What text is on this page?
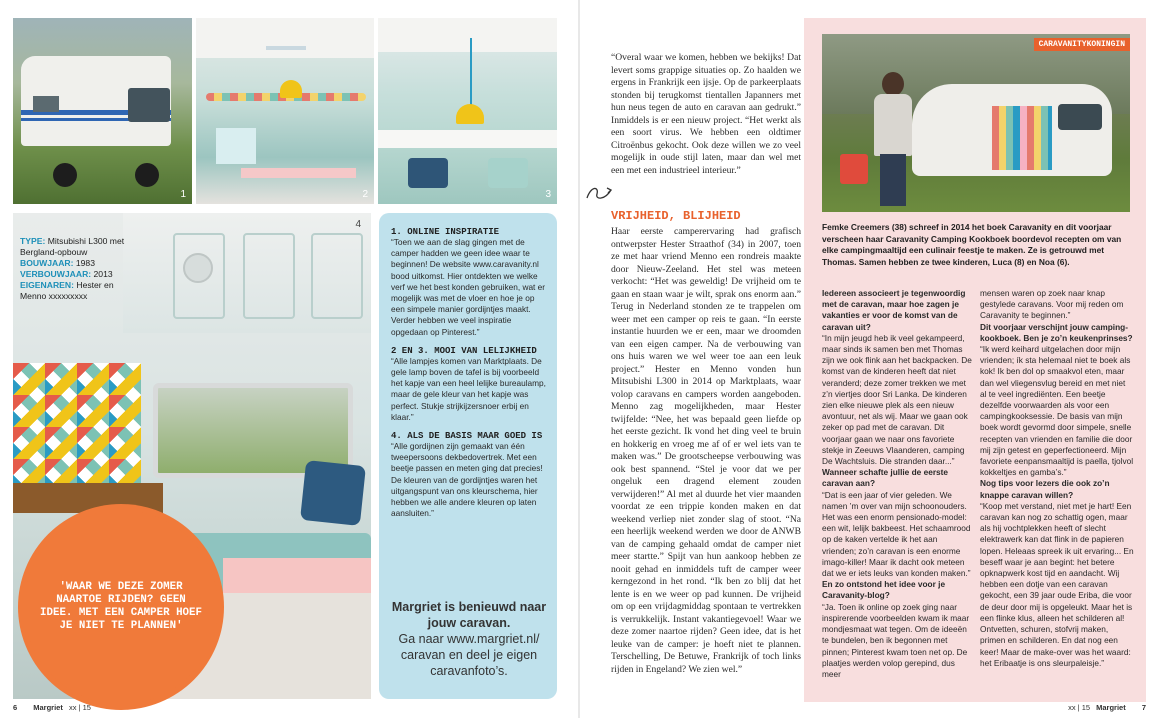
1	2	3
4
TYPE: Mitsubishi L300 met Bergland-opbouw
BOUWJAAR: 1983
VERBOUWJAAR: 2013
EIGENAREN: Hester en Menno xxxxxxxxx
'WAAR WE DEZE ZOMER NAARTOE RIJDEN? GEEN IDEE. MET EEN CAMPER HOEF JE NIET TE PLANNEN'
1. ONLINE INSPIRATIE
“Toen we aan de slag gingen met de camper hadden we geen idee waar te beginnen! De website www.caravanity.nl bood uitkomst. Hier ontdekten we welke verf we het best konden gebruiken, wat er mogelijk was met de vloer en hoe je op een simpele manier gordijntjes maakt. Verder hebben we veel inspiratie opgedaan op Pinterest.”
2 EN 3. MOOI VAN LELIJKHEID
“Alle lampjes komen van Marktplaats. De gele lamp boven de tafel is bij voorbeeld het kapje van een heel lelijke bureaulamp, maar de gele kleur van het kapje was perfect. Stukje strijkijzersnoer erbij en klaar.”
4. ALS DE BASIS MAAR GOED IS
“Alle gordijnen zijn gemaakt van één tweepersoons dekbedovertrek. Met een beetje passen en meten ging dat precies! De kleuren van de gordijntjes waren het uitgangspunt van ons kleurschema, hier hebben we alle andere kleuren op laten aansluiten.”
Margriet is benieuwd naar jouw caravan.
Ga naar www.margriet.nl/ caravan en deel je eigen caravanfoto’s.
6 Margriet xx | 15
“Overal waar we komen, hebben we bekijks! Dat levert soms grappige situaties op. Zo haalden we ergens in Frankrijk een ijsje. Op de parkeerplaats stonden bij terugkomst tientallen Japanners met hun neus tegen de auto en caravan aan gedrukt.” Inmiddels is er een nieuw project. “Het werkt als een soort virus. We hebben een oldtimer Citroënbus gekocht. Ook deze willen we zo veel mogelijk in oude stijl laten, maar dan wel met een met een industrieel interieur.”
VRIJHEID, BLIJHEID
Haar eerste camperervaring had grafisch ontwerpster Hester Straathof (34) in 2007, toen ze met haar vriend Menno een rondreis maakte door Nieuw-Zeeland. Het stel was meteen verkocht: “Het was geweldig! De vrijheid om te gaan en staan waar je wilt, sprak ons enorm aan.” Terug in Nederland stonden ze te trappelen om weer met een camper op reis te gaan. “In eerste instantie huurden we er een, maar we droomden van een eigen camper. Na de verbouwing van ons huis waren we wel weer toe aan een leuk project.” Hester en Menno vonden hun Mitsubishi L300 in 2014 op Marktplaats, waar volop caravans en campers worden aangeboden. Menno zag mogelijkheden, maar Hester twijfelde: “Nee, het was bepaald geen liefde op het eerste gezicht. Ik vond het ding veel te bruin en hokkerig en vroeg me af of er wel iets van te maken was.” De grootscheepse verbouwing was ook best spannend. “Stel je voor dat we per ongeluk een dragend element zouden verwijderen!” Al met al duurde het vier maanden voordat ze een trippie konden maken en dat weekend verliep niet zonder slag of stoot. “Na een heerlijk weekend werden we door de ANWB van de camping gehaald omdat de camper niet meer startte.” Spijt van hun aankoop hebben ze nooit gehad en inmiddels tuft de camper weer kerngezond in het rond. “Ik ben zo blij dat het lente is en we weer op pad kunnen. De vrijheid om op een vrijdagmiddag spontaan te vertrekken is verrukkelijk. Instant vakantiegevoel! Waar we deze zomer naartoe rijden? Geen idee, dat is het leuke van de camper: je hoeft niet te plannen. Terschelling, De Betuwe, Frankrijk of toch links rijden in Engeland? We zien wel.”
CARAVANITYKONINGIN
Femke Creemers (38) schreef in 2014 het boek Caravanity en dit voorjaar verscheen haar Caravanity Camping Kookboek boordevol recepten om van elke campingmaaltijd een culinair feestje te maken. Ze is getrouwd met Thomas. Samen hebben ze twee kinderen, Luca (8) en Noa (6).
Iedereen associeert je tegenwoordig met de caravan, maar hoe zagen je vakanties er voor de komst van de caravan uit?
“In mijn jeugd heb ik veel gekampeerd, maar sinds ik samen ben met Thomas zijn we ook flink aan het backpacken. De komst van de kinderen heeft dat niet veranderd; deze zomer trekken we met z’n viertjes door Sri Lanka. De kinderen zien elke nieuwe plek als een nieuw avontuur, net als wij. Maar we gaan ook zeker op pad met de caravan. Dit voorjaar gaan we naar ons favoriete stekje in Zeeuws Vlaanderen, camping De Wachtsluis. Die stranden daar...”
Wanneer schafte jullie de eerste caravan aan?
“Dat is een jaar of vier geleden. We namen ’m over van mijn schoonouders. Het was een enorm pensionado-model: een wit, lelijk bakbeest. Het schaamrood op de kaken vertelde ik het aan vrienden; zo’n caravan is een enorme imago-killer! Maar ik dacht ook meteen dat we er iets leuks van konden maken.”
En zo ontstond het idee voor je Caravanity-blog?
“Ja. Toen ik online op zoek ging naar inspirerende voorbeelden kwam ik maar mondjesmaat wat tegen. Om de ideeën te bundelen, ben ik begonnen met pinnen; Pinterest kwam toen net op. De plaatjes werden volop gerepind, dus meer
mensen waren op zoek naar knap gestylede caravans. Voor mij reden om Caravanity te beginnen.”
Dit voorjaar verschijnt jouw camping-kookboek. Ben je zo’n keukenprinses?
“Ik werd keihard uitgelachen door mijn vrienden; ík sta helemaal niet te boek als kok! Ik ben dol op smaakvol eten, maar dan wel vliegensvlug bereid en met niet al te veel ingrediënten. Een beetje dezelfde voorwaarden als voor een campingkooksessie. De basis van mijn boek wordt gevormd door simpele, snelle recepten van vrienden en familie die door mij zijn getest en geperfectioneerd. Mijn favoriete eenpansmaaltijd is paella, tjolvol kokkeltjes en gamba’s.”
Nog tips voor lezers die ook zo’n knappe caravan willen?
“Koop met verstand, niet met je hart! Een caravan kan nog zo schattig ogen, maar als hij vochtplekken heeft of slecht elektrawerk kan dat flink in de papieren lopen. Heleaas spreek ik uit ervaring... En beseff waar je aan begint: het betere opknapwerk kost tijd en aandacht. Wij hebben een dotje van een caravan gekocht, een 39 jaar oude Eriba, die voor de deur door mij is opgeleukt. Maar het is een flinke klus, alleen het schilderen al! Ontvetten, schuren, stofvrij maken, primen en schilderen. En dat nog een keer! Maar de make-over was het waard: het Eribaatje is ons sleurpaleisje.”
xx | 15 Margriet 7
